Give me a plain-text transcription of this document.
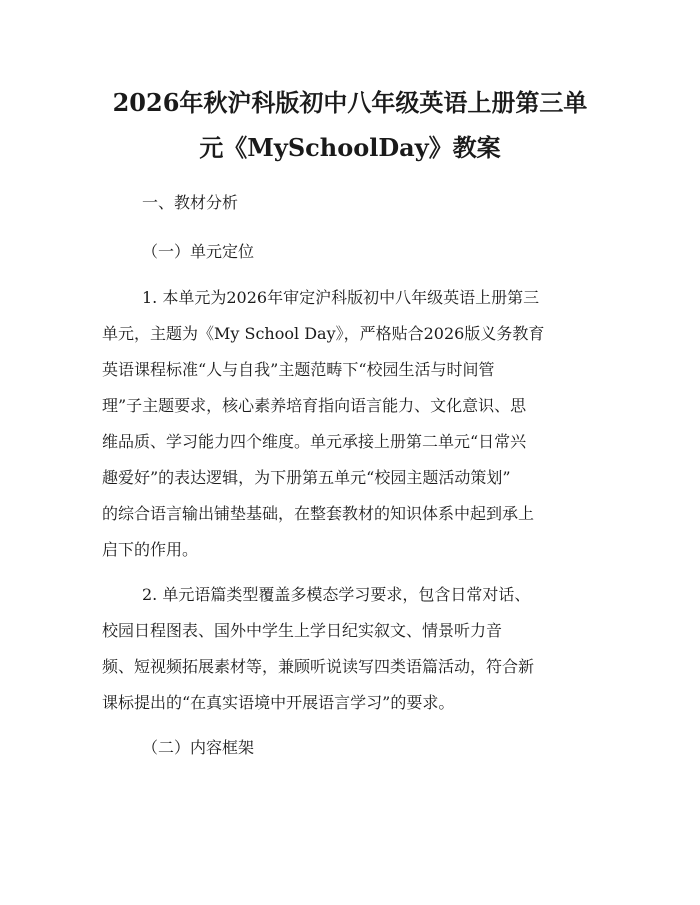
2026年秋沪科版初中八年级英语上册第三单
元《MySchoolDay》教案
一、教材分析
（一）单元定位
1. 本单元为2026年审定沪科版初中八年级英语上册第三
单元，主题为《My School Day》，严格贴合2026版义务教育
英语课程标准“人与自我”主题范畴下“校园生活与时间管
理”子主题要求，核心素养培育指向语言能力、文化意识、思
维品质、学习能力四个维度。单元承接上册第二单元“日常兴
趣爱好”的表达逻辑，为下册第五单元“校园主题活动策划”
的综合语言输出铺垫基础，在整套教材的知识体系中起到承上
启下的作用。
2. 单元语篇类型覆盖多模态学习要求，包含日常对话、
校园日程图表、国外中学生上学日纪实叙文、情景听力音
频、短视频拓展素材等，兼顾听说读写四类语篇活动，符合新
课标提出的“在真实语境中开展语言学习”的要求。
（二）内容框架
